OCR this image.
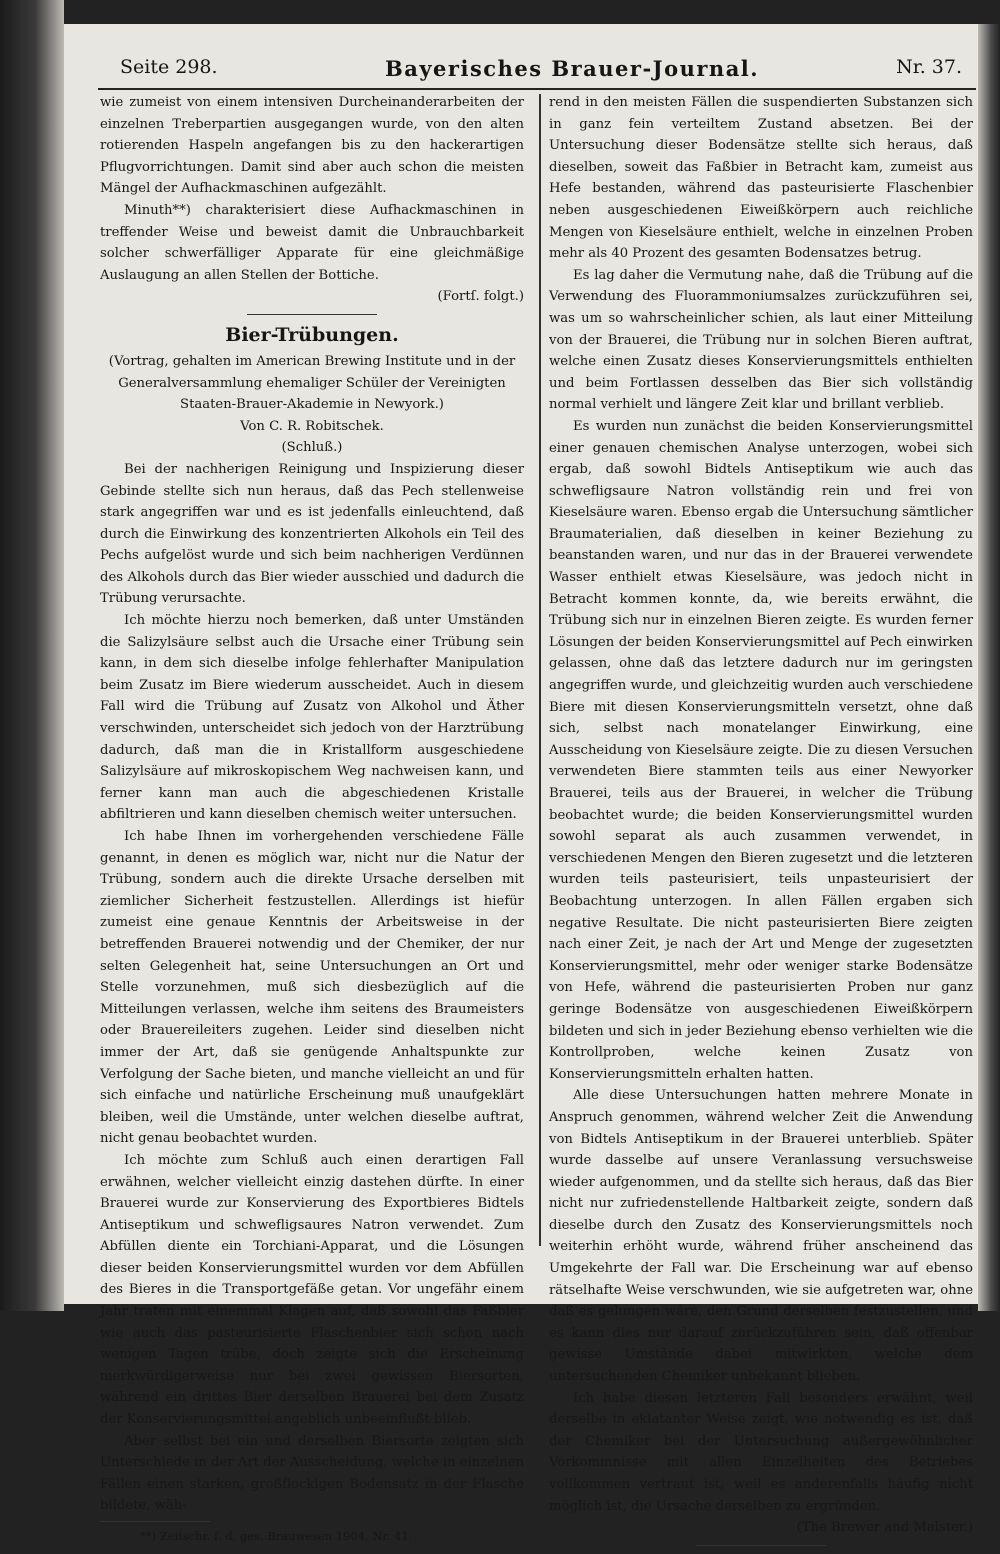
Seite 298.	Bayerisches Brauer-Journal.	Nr. 37.

wie zumeist von einem intensiven Durcheinanderarbeiten der einzelnen Treberpartien ausgegangen wurde, von den alten rotierenden Haspeln angefangen bis zu den hackerartigen Pflugvorrichtungen. Damit sind aber auch schon die meisten Mängel der Aufhackmaschinen aufgezählt.

Minuth**) charakterisiert diese Aufhackmaschinen in treffender Weise und beweist damit die Unbrauchbarkeit solcher schwerfälliger Apparate für eine gleichmäßige Auslaugung an allen Stellen der Bottiche.

(Fortſ. folgt.)

Bier-Trübungen.

(Vortrag, gehalten im American Brewing Institute und in der Generalversammlung ehemaliger Schüler der Vereinigten Staaten-Brauer-Akademie in Newyork.)

Von C. R. Robitschek.

(Schluß.)

Bei der nachherigen Reinigung und Inspizierung dieser Gebinde stellte sich nun heraus, daß das Pech stellenweise stark angegriffen war und es ist jedenfalls einleuchtend, daß durch die Einwirkung des konzentrierten Alkohols ein Teil des Pechs aufgelöst wurde und sich beim nachherigen Verdünnen des Alkohols durch das Bier wieder ausschied und dadurch die Trübung verursachte.

Ich möchte hierzu noch bemerken, daß unter Umständen die Salizylsäure selbst auch die Ursache einer Trübung sein kann, in dem sich dieselbe infolge fehlerhafter Manipulation beim Zusatz im Biere wiederum ausscheidet. Auch in diesem Fall wird die Trübung auf Zusatz von Alkohol und Äther verschwinden, unterscheidet sich jedoch von der Harztrübung dadurch, daß man die in Kristallform ausgeschiedene Salizylsäure auf mikroskopischem Weg nachweisen kann, und ferner kann man auch die abgeschiedenen Kristalle abfiltrieren und kann dieselben chemisch weiter untersuchen.

Ich habe Ihnen im vorhergehenden verschiedene Fälle genannt, in denen es möglich war, nicht nur die Natur der Trübung, sondern auch die direkte Ursache derselben mit ziemlicher Sicherheit festzustellen. Allerdings ist hiefür zumeist eine genaue Kenntnis der Arbeitsweise in der betreffenden Brauerei notwendig und der Chemiker, der nur selten Gelegenheit hat, seine Untersuchungen an Ort und Stelle vorzunehmen, muß sich diesbezüglich auf die Mitteilungen verlassen, welche ihm seitens des Braumeisters oder Brauereileiters zugehen. Leider sind dieselben nicht immer der Art, daß sie genügende Anhaltspunkte zur Verfolgung der Sache bieten, und manche vielleicht an und für sich einfache und natürliche Erscheinung muß unaufgeklärt bleiben, weil die Umstände, unter welchen dieselbe auftrat, nicht genau beobachtet wurden.

Ich möchte zum Schluß auch einen derartigen Fall erwähnen, welcher vielleicht einzig dastehen dürfte. In einer Brauerei wurde zur Konservierung des Exportbieres Bidtels Antiseptikum und schwefligsaures Natron verwendet. Zum Abfüllen diente ein Torchiani-Apparat, und die Lösungen dieser beiden Konservierungsmittel wurden vor dem Abfüllen des Bieres in die Transportgefäße getan. Vor ungefähr einem Jahr traten mit einemmal Klagen auf, daß sowohl das Faßbier wie auch das pasteurisierte Flaschenbier sich schon nach wenigen Tagen trübe, doch zeigte sich die Erscheinung merkwürdigerweise nur bei zwei gewissen Biersorten, während ein drittes Bier derselben Brauerei bei dem Zusatz der Konservierungsmittel angeblich unbeeinflußt blieb.

Aber selbst bei ein und derselben Biersorte zeigten sich Unterschiede in der Art der Ausscheidung, welche in einzelnen Fällen einen starken, großflockigen Bodensatz in der Flasche bildete, wäh-

**) Zeitschr. f. d. ges. Brauwesen 1904, Nr. 41.

rend in den meisten Fällen die suspendierten Substanzen sich in ganz fein verteiltem Zustand absetzen. Bei der Untersuchung dieser Bodensätze stellte sich heraus, daß dieselben, soweit das Faßbier in Betracht kam, zumeist aus Hefe bestanden, während das pasteurisierte Flaschenbier neben ausgeschiedenen Eiweißkörpern auch reichliche Mengen von Kieselsäure enthielt, welche in einzelnen Proben mehr als 40 Prozent des gesamten Bodensatzes betrug.

Es lag daher die Vermutung nahe, daß die Trübung auf die Verwendung des Fluorammoniumsalzes zurückzuführen sei, was um so wahrscheinlicher schien, als laut einer Mitteilung von der Brauerei, die Trübung nur in solchen Bieren auftrat, welche einen Zusatz dieses Konservierungsmittels enthielten und beim Fortlassen desselben das Bier sich vollständig normal verhielt und längere Zeit klar und brillant verblieb.

Es wurden nun zunächst die beiden Konservierungsmittel einer genauen chemischen Analyse unterzogen, wobei sich ergab, daß sowohl Bidtels Antiseptikum wie auch das schwefligsaure Natron vollständig rein und frei von Kieselsäure waren. Ebenso ergab die Untersuchung sämtlicher Braumaterialien, daß dieselben in keiner Beziehung zu beanstanden waren, und nur das in der Brauerei verwendete Wasser enthielt etwas Kieselsäure, was jedoch nicht in Betracht kommen konnte, da, wie bereits erwähnt, die Trübung sich nur in einzelnen Bieren zeigte. Es wurden ferner Lösungen der beiden Konservierungsmittel auf Pech einwirken gelassen, ohne daß das letztere dadurch nur im geringsten angegriffen wurde, und gleichzeitig wurden auch verschiedene Biere mit diesen Konservierungsmitteln versetzt, ohne daß sich, selbst nach monatelanger Einwirkung, eine Ausscheidung von Kieselsäure zeigte. Die zu diesen Versuchen verwendeten Biere stammten teils aus einer Newyorker Brauerei, teils aus der Brauerei, in welcher die Trübung beobachtet wurde; die beiden Konservierungsmittel wurden sowohl separat als auch zusammen verwendet, in verschiedenen Mengen den Bieren zugesetzt und die letzteren wurden teils pasteurisiert, teils unpasteurisiert der Beobachtung unterzogen. In allen Fällen ergaben sich negative Resultate. Die nicht pasteurisierten Biere zeigten nach einer Zeit, je nach der Art und Menge der zugesetzten Konservierungsmittel, mehr oder weniger starke Bodensätze von Hefe, während die pasteurisierten Proben nur ganz geringe Bodensätze von ausgeschiedenen Eiweißkörpern bildeten und sich in jeder Beziehung ebenso verhielten wie die Kontrollproben, welche keinen Zusatz von Konservierungsmitteln erhalten hatten.

Alle diese Untersuchungen hatten mehrere Monate in Anspruch genommen, während welcher Zeit die Anwendung von Bidtels Antiseptikum in der Brauerei unterblieb. Später wurde dasselbe auf unsere Veranlassung versuchsweise wieder aufgenommen, und da stellte sich heraus, daß das Bier nicht nur zufriedenstellende Haltbarkeit zeigte, sondern daß dieselbe durch den Zusatz des Konservierungsmittels noch weiterhin erhöht wurde, während früher anscheinend das Umgekehrte der Fall war. Die Erscheinung war auf ebenso rätselhafte Weise verschwunden, wie sie aufgetreten war, ohne daß es gelungen wäre, den Grund derselben festzustellen, und es kann dies nur darauf zurückzuführen sein, daß offenbar gewisse Umstände dabei mitwirkten, welche dem untersuchenden Chemiker unbekannt blieben.

Ich habe diesen letzteren Fall besonders erwähnt, weil derselbe in eklatanter Weise zeigt, wie notwendig es ist, daß der Chemiker bei der Untersuchung außergewöhnlicher Vorkommnisse mit allen Einzelheiten des Betriebes vollkommen vertraut ist, weil es anderenfalls häufig nicht möglich ist, die Ursache derselben zu ergründen.

(The Brewer and Malster.)
